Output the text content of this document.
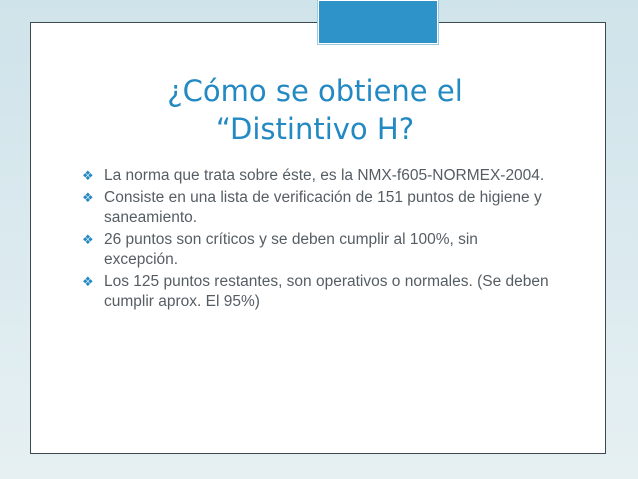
¿Cómo se obtiene el
“Distintivo H?
❖ La norma que trata sobre éste, es la NMX-f605-NORMEX-2004.
❖ Consiste en una lista de verificación de 151 puntos de higiene y saneamiento.
❖ 26 puntos son críticos y se deben cumplir al 100%, sin excepción.
❖ Los 125 puntos restantes, son operativos o normales. (Se deben cumplir aprox. El 95%)
